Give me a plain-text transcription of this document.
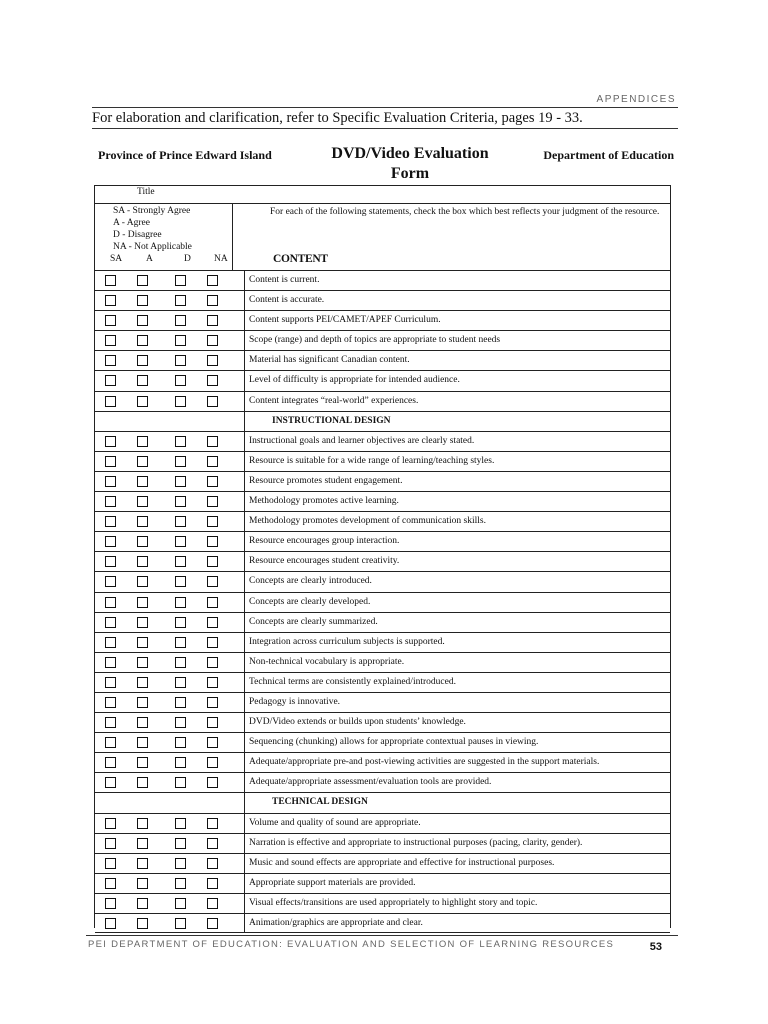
APPENDICES
For elaboration and clarification, refer to Specific Evaluation Criteria, pages 19 - 33.
Province of Prince Edward Island	DVD/Video Evaluation Form
Department of Education
Title
SA - Strongly Agree
A - Agree
D - Disagree
NA - Not Applicable
SA	A	D NA
For each of the following statements, check the box which best reflects your judgment of the resource.
CONTENT
Content is current.
Content is accurate.
Content supports PEI/CAMET/APEF Curriculum.
Scope (range) and depth of topics are appropriate to student needs
Material has significant Canadian content.
Level of difficulty is appropriate for intended audience.
Content integrates “real-world” experiences.
INSTRUCTIONAL DESIGN
Instructional goals and learner objectives are clearly stated.
Resource is suitable for a wide range of learning/teaching styles.
Resource promotes student engagement.
Methodology promotes active learning.
Methodology promotes development of communication skills.
Resource encourages group interaction.
Resource encourages student creativity.
Concepts are clearly introduced.
Concepts are clearly developed.
Concepts are clearly summarized.
Integration across curriculum subjects is supported.
Non-technical vocabulary is appropriate.
Technical terms are consistently explained/introduced.
Pedagogy is innovative.
DVD/Video extends or builds upon students’ knowledge.
Sequencing (chunking) allows for appropriate contextual pauses in viewing.
Adequate/appropriate pre-and post-viewing activities are suggested in the support materials.
Adequate/appropriate assessment/evaluation tools are provided.
TECHNICAL DESIGN
Volume and quality of sound are appropriate.
Narration is effective and appropriate to instructional purposes (pacing, clarity, gender).
Music and sound effects are appropriate and effective for instructional purposes.
Appropriate support materials are provided.
Visual effects/transitions are used appropriately to highlight story and topic.
Animation/graphics are appropriate and clear.
PEI DEPARTMENT OF EDUCATION: EVALUATION AND SELECTION OF LEARNING RESOURCES	53
